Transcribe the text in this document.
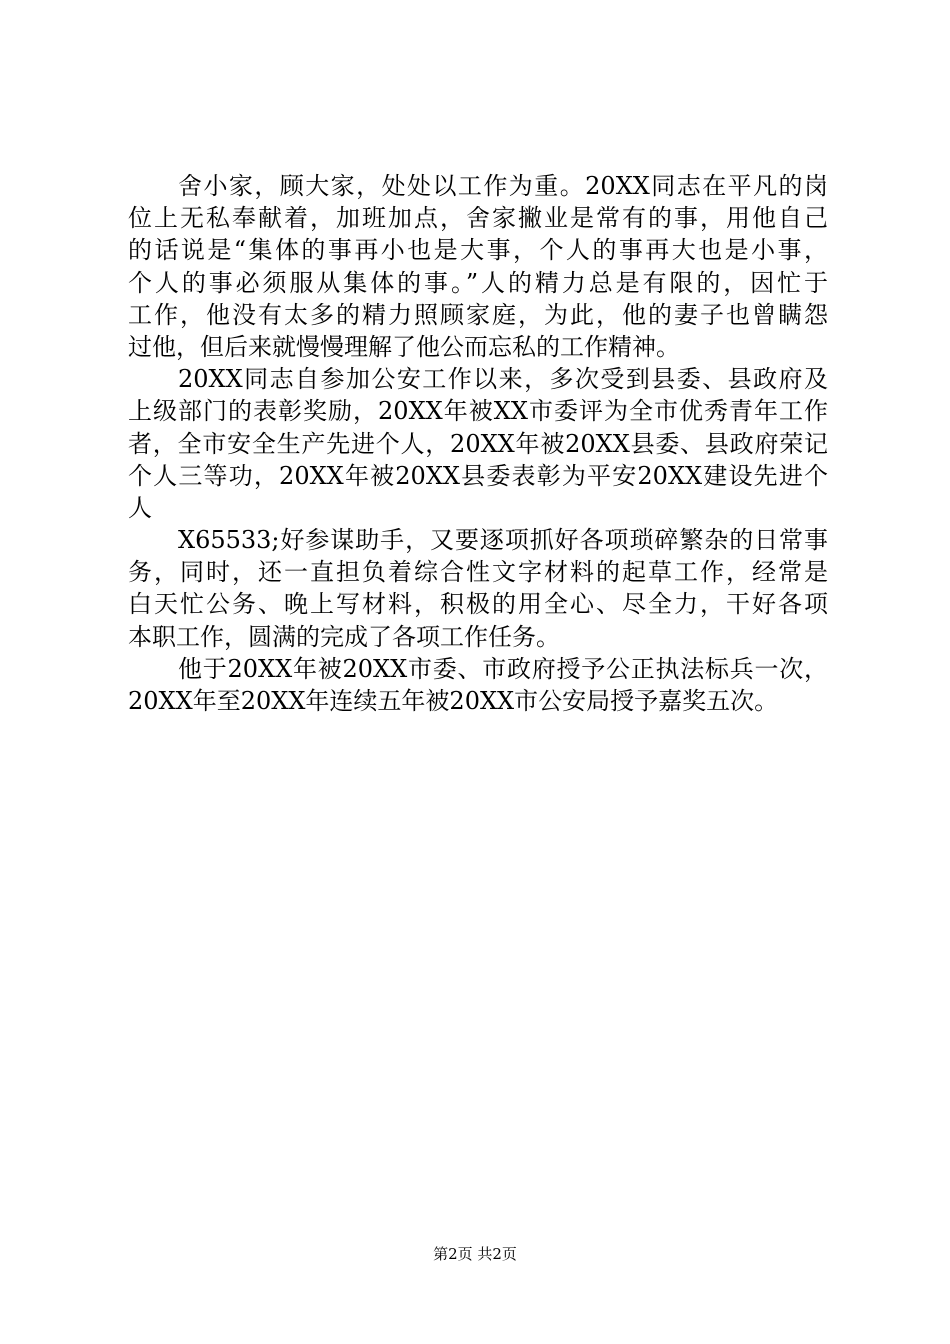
舍小家，顾大家，处处以工作为重。20XX同志在平凡的岗
位上无私奉献着，加班加点，舍家撇业是常有的事，用他自己
的话说是“集体的事再小也是大事，个人的事再大也是小事，
个人的事必须服从集体的事。”人的精力总是有限的，因忙于
工作，他没有太多的精力照顾家庭，为此，他的妻子也曾瞒怨
过他，但后来就慢慢理解了他公而忘私的工作精神。
20XX同志自参加公安工作以来，多次受到县委、县政府及
上级部门的表彰奖励，20XX年被XX市委评为全市优秀青年工作
者，全市安全生产先进个人，20XX年被20XX县委、县政府荣记
个人三等功，20XX年被20XX县委表彰为平安20XX建设先进个
人
X65533;好参谋助手，又要逐项抓好各项琐碎繁杂的日常事
务，同时，还一直担负着综合性文字材料的起草工作，经常是
白天忙公务、晚上写材料，积极的用全心、尽全力，干好各项
本职工作，圆满的完成了各项工作任务。
他于20XX年被20XX市委、市政府授予公正执法标兵一次，
20XX年至20XX年连续五年被20XX市公安局授予嘉奖五次。
第2页 共2页
